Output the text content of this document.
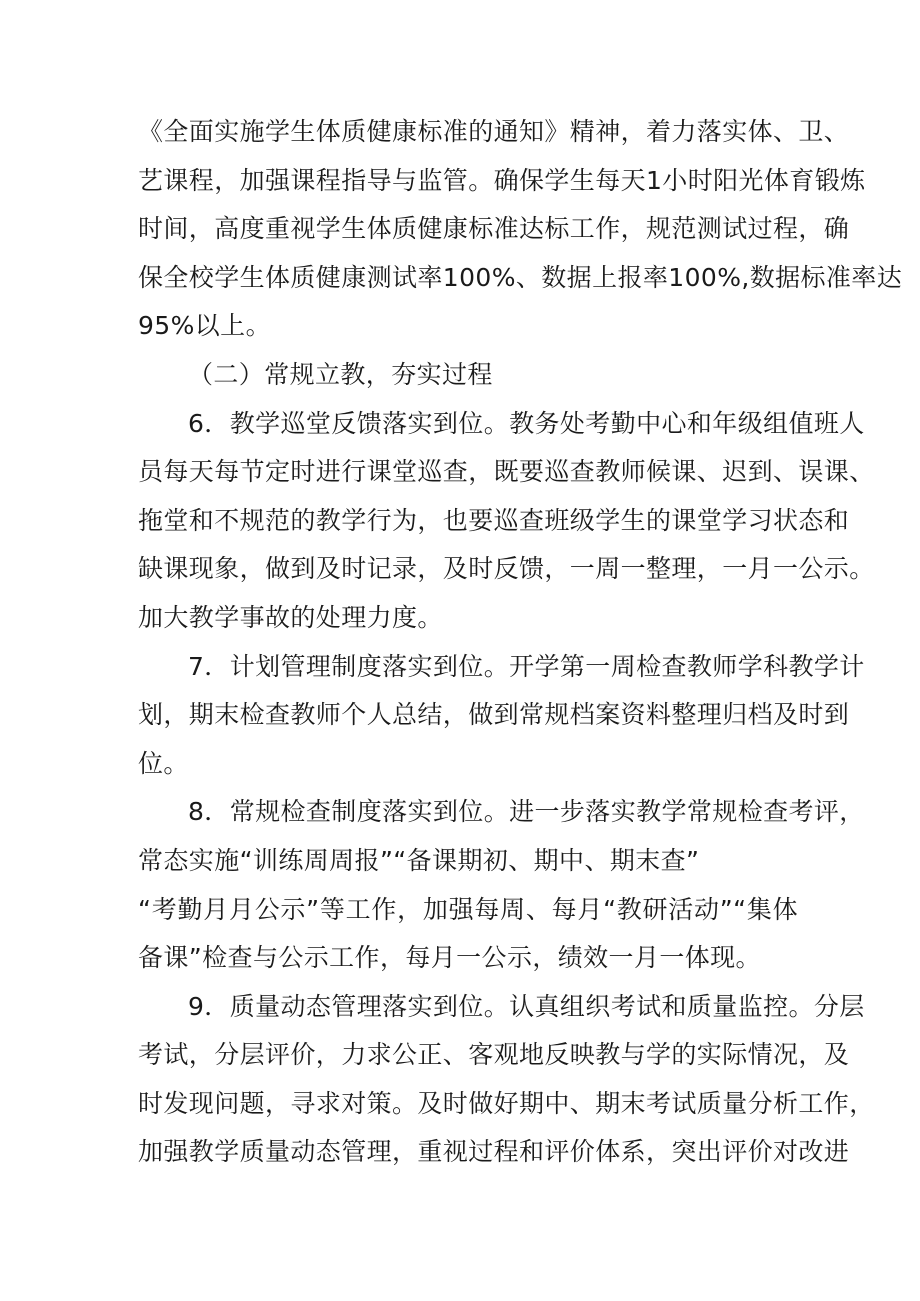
《全面实施学生体质健康标准的通知》精神，着力落实体、卫、
艺课程，加强课程指导与监管。确保学生每天1小时阳光体育锻炼
时间，高度重视学生体质健康标准达标工作，规范测试过程，确
保全校学生体质健康测试率100%、数据上报率100%,数据标准率达
95%以上。
（二）常规立教，夯实过程
6．教学巡堂反馈落实到位。教务处考勤中心和年级组值班人
员每天每节定时进行课堂巡查，既要巡查教师候课、迟到、误课、
拖堂和不规范的教学行为，也要巡查班级学生的课堂学习状态和
缺课现象，做到及时记录，及时反馈，一周一整理，一月一公示。
加大教学事故的处理力度。
7．计划管理制度落实到位。开学第一周检查教师学科教学计
划，期末检查教师个人总结，做到常规档案资料整理归档及时到
位。
8．常规检查制度落实到位。进一步落实教学常规检查考评，
常态实施“训练周周报”“备课期初、期中、期末查”
“考勤月月公示”等工作，加强每周、每月“教研活动”“集体
备课”检查与公示工作，每月一公示，绩效一月一体现。
9．质量动态管理落实到位。认真组织考试和质量监控。分层
考试，分层评价，力求公正、客观地反映教与学的实际情况，及
时发现问题，寻求对策。及时做好期中、期末考试质量分析工作，
加强教学质量动态管理，重视过程和评价体系，突出评价对改进
